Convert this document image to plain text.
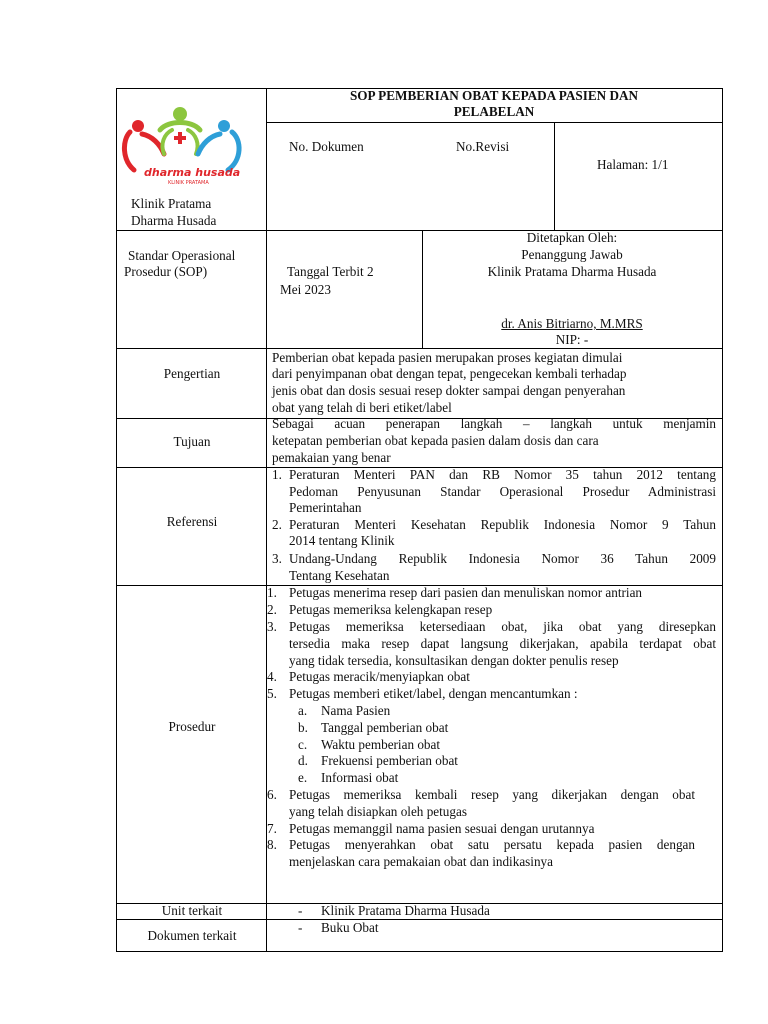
SOP PEMBERIAN OBAT KEPADA PASIEN DAN
PELABELAN
No. Dokumen	No.Revisi
Halaman: 1/1
dharma husada
KLINIK PRATAMA
Klinik Pratama
Dharma Husada
Standar Operasional
Prosedur (SOP)	Tanggal Terbit 2
Mei 2023
Ditetapkan Oleh:
Penanggung Jawab
Klinik Pratama Dharma Husada
dr. Anis Bitriarno, M.MRS
NIP: -
Pengertian
Tujuan
Referensi
Prosedur
Unit terkait
Dokumen terkait
Pemberian obat kepada pasien merupakan proses kegiatan dimulai
dari penyimpanan obat dengan tepat, pengecekan kembali terhadap
jenis obat dan dosis sesuai resep dokter sampai dengan penyerahan
obat yang telah di beri etiket/label
Sebagai acuan penerapan langkah – langkah untuk menjamin
ketepatan pemberian obat kepada pasien dalam dosis dan cara
pemakaian yang benar
1. Peraturan Menteri PAN dan RB Nomor 35 tahun 2012 tentang
Pedoman Penyusunan Standar Operasional Prosedur Administrasi
Pemerintahan
2. Peraturan Menteri Kesehatan Republik Indonesia Nomor 9 Tahun
2014 tentang Klinik
3. Undang-Undang Republik Indonesia Nomor 36 Tahun 2009
Tentang Kesehatan
1. Petugas menerima resep dari pasien dan menuliskan nomor antrian
2. Petugas memeriksa kelengkapan resep
3. Petugas memeriksa ketersediaan obat, jika obat yang diresepkan
tersedia maka resep dapat langsung dikerjakan, apabila terdapat obat
yang tidak tersedia, konsultasikan dengan dokter penulis resep
4. Petugas meracik/menyiapkan obat
5. Petugas memberi etiket/label, dengan mencantumkan :
a. Nama Pasien
b. Tanggal pemberian obat
c. Waktu pemberian obat
d. Frekuensi pemberian obat
e. Informasi obat
6. Petugas memeriksa kembali resep yang dikerjakan dengan obat
yang telah disiapkan oleh petugas
7. Petugas memanggil nama pasien sesuai dengan urutannya
8. Petugas menyerahkan obat satu persatu kepada pasien dengan
menjelaskan cara pemakaian obat dan indikasinya
- Klinik Pratama Dharma Husada
- Buku Obat
